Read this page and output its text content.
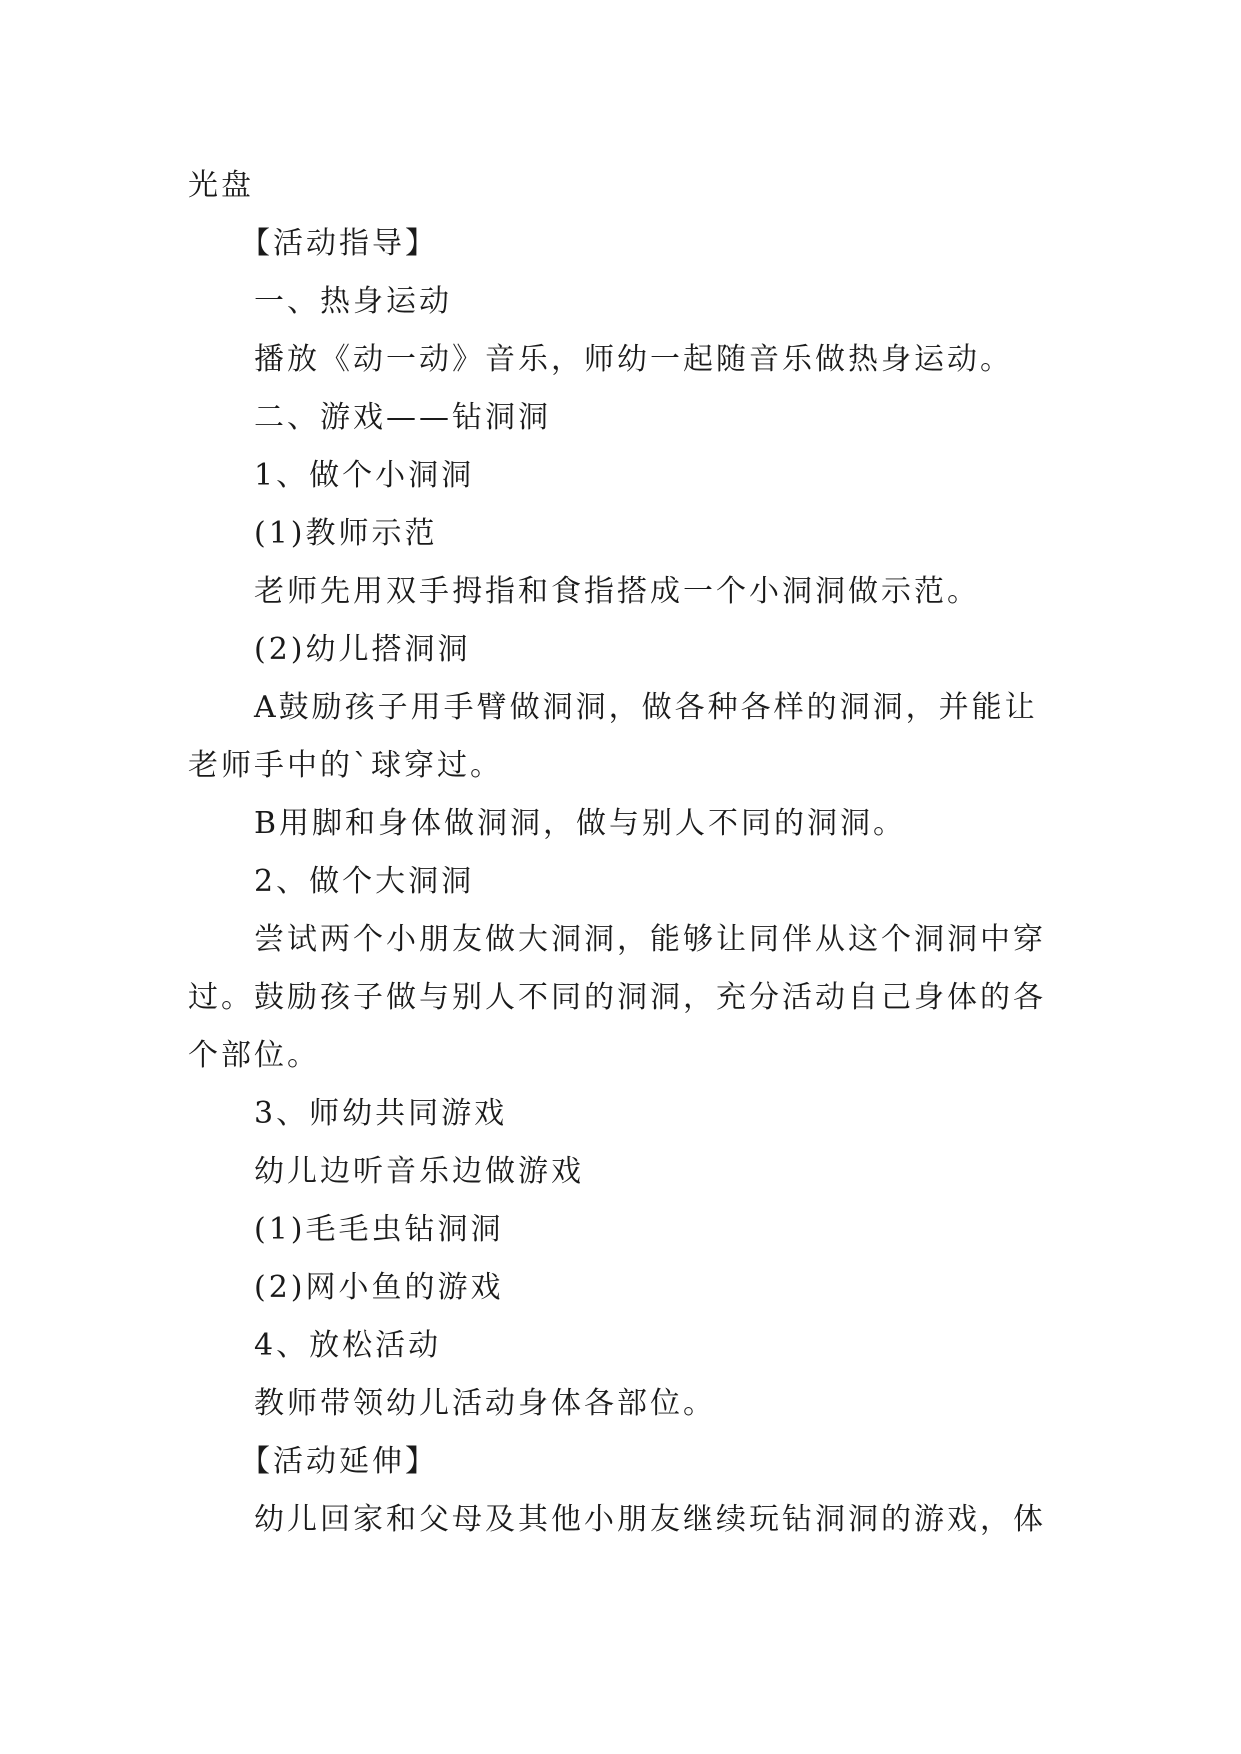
光盘
【活动指导】
一、热身运动
播放《动一动》音乐，师幼一起随音乐做热身运动。
二、游戏——钻洞洞
1、做个小洞洞
(1)教师示范
老师先用双手拇指和食指搭成一个小洞洞做示范。
(2)幼儿搭洞洞
A鼓励孩子用手臂做洞洞，做各种各样的洞洞，并能让
老师手中的`球穿过。
B用脚和身体做洞洞，做与别人不同的洞洞。
2、做个大洞洞
尝试两个小朋友做大洞洞，能够让同伴从这个洞洞中穿
过。鼓励孩子做与别人不同的洞洞，充分活动自己身体的各
个部位。
3、师幼共同游戏
幼儿边听音乐边做游戏
(1)毛毛虫钻洞洞
(2)网小鱼的游戏
4、放松活动
教师带领幼儿活动身体各部位。
【活动延伸】
幼儿回家和父母及其他小朋友继续玩钻洞洞的游戏，体
